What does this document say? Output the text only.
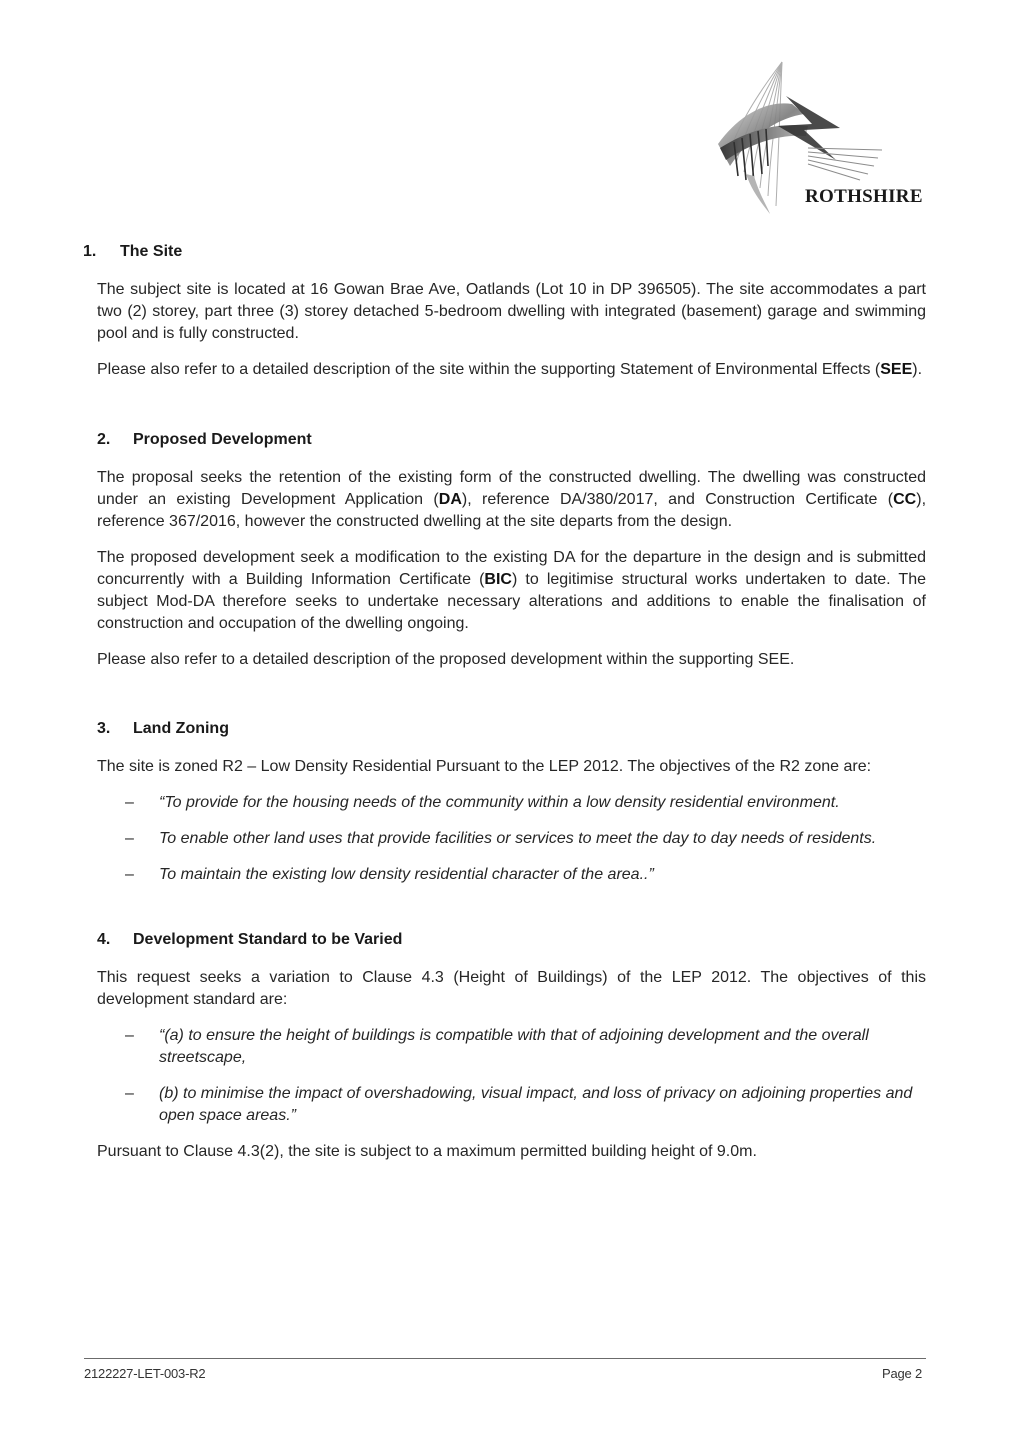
ROTHSHIRE
1. The Site

The subject site is located at 16 Gowan Brae Ave, Oatlands (Lot 10 in DP 396505). The site accommodates a part two (2) storey, part three (3) storey detached 5-bedroom dwelling with integrated (basement) garage and swimming pool and is fully constructed.

Please also refer to a detailed description of the site within the supporting Statement of Environmental Effects (SEE).

2. Proposed Development

The proposal seeks the retention of the existing form of the constructed dwelling. The dwelling was constructed under an existing Development Application (DA), reference DA/380/2017, and Construction Certificate (CC), reference 367/2016, however the constructed dwelling at the site departs from the design.

The proposed development seek a modification to the existing DA for the departure in the design and is submitted concurrently with a Building Information Certificate (BIC) to legitimise structural works undertaken to date. The subject Mod-DA therefore seeks to undertake necessary alterations and additions to enable the finalisation of construction and occupation of the dwelling ongoing.

Please also refer to a detailed description of the proposed development within the supporting SEE.

3. Land Zoning

The site is zoned R2 – Low Density Residential Pursuant to the LEP 2012. The objectives of the R2 zone are:

– “To provide for the housing needs of the community within a low density residential environment.
– To enable other land uses that provide facilities or services to meet the day to day needs of residents.
– To maintain the existing low density residential character of the area..”
4. Development Standard to be Varied

This request seeks a variation to Clause 4.3 (Height of Buildings) of the LEP 2012. The objectives of this development standard are:

– “(a) to ensure the height of buildings is compatible with that of adjoining development and the overall streetscape,
– (b) to minimise the impact of overshadowing, visual impact, and loss of privacy on adjoining properties and open space areas.”

Pursuant to Clause 4.3(2), the site is subject to a maximum permitted building height of 9.0m.

2122227-LET-003-R2	Page 2
